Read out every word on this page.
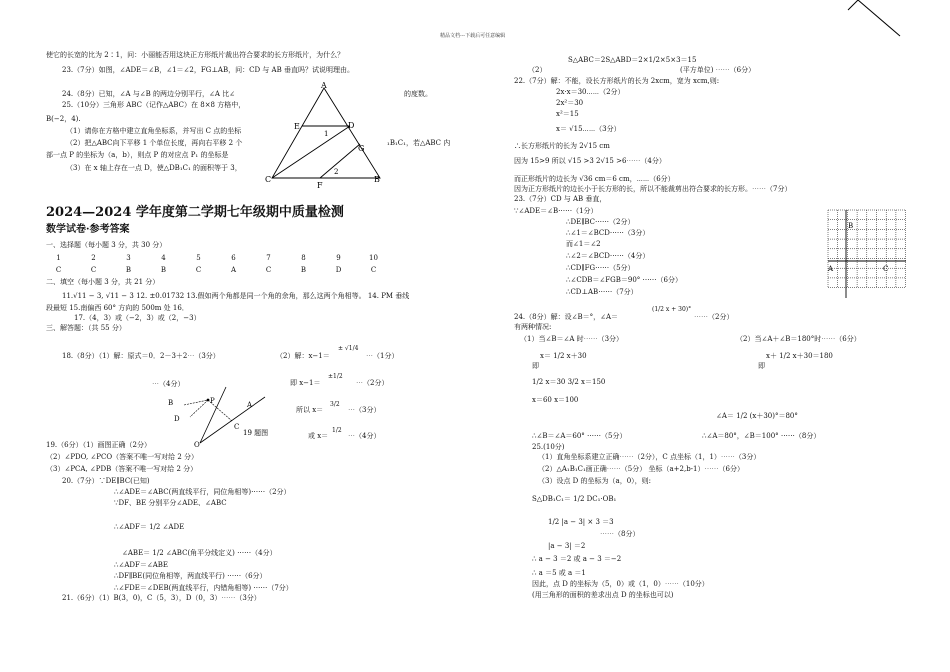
精品文档---下载后可任意编辑
使它的长宽的比为 2∶1，问：小丽能否用这块正方形纸片裁出符合要求的长方形纸片，为什么？
23.（7分）如图，∠ADE＝∠B，∠1＝∠2，FG⊥AB，问：CD 与 AB 垂直吗？试说明理由。
24.（8分）已知，∠A 与∠B 的两边分别平行，∠A 比∠	的度数。
25.（10分）三角形 ABC（记作△ABC）在 8×8 方格中，
B(−2，4).
（1）请你在方格中建立直角坐标系，并写出 C 点的坐标
（2）把△ABC向下平移 1 个单位长度，再向右平移 2 个	A₁B₁C₁，若△ABC 内
部一点 P 的坐标为（a，b），则点 P 的对应点 P₁ 的坐标是
（3）在 x 轴上存在一点 D，使△DB₁C₁ 的面积等于 3，
A
E	D
1
G
2
C
F
B
2024—2024 学年度第二学期七年级期中质量检测
数学试卷·参考答案
一、选择题（每小题 3 分，共 30 分）
1	2	3	4	5	6	7	8	9	10
C	C	B	B	C	A	C	B	D	C
二、填空（每小题 3 分，共 21 分）
11.√11 − 3, √11 − 3 12. ±0.01732 13.假如两个角都是同一个角的余角，那么这两个角相等。 14. PM 垂线
段最短 15.南偏西 60° 方向的 500m 处 16．
17.（4，3）或（−2，3）或（2，−3）
三、解答题：（共 55 分）
18.（8分）（1）解：原式＝0．2－3＋2⋯（3分）	（2）解：x−1＝
± √1/4
⋯（1分）
⋯（4分）	即 x−1＝
±1/2
⋯（2分）
所以 x＝
3/2
⋯（3分）
或 x＝
1/2
⋯（4分）
B	P	A
D
C
O
19 题图
19.（6分）（1）画图正确（2分）
（2）∠PDO, ∠PCO（答案不唯一写对给 2 分）
（3）∠PCA, ∠PDB（答案不唯一写对给 2 分）
20.（7分）∵DE∥BC(已知)
∴∠ADE＝∠ABC(两直线平行，同位角相等)⋯⋯（2分）
∵DF、BE 分别平分∠ADE、∠ABC
∴∠ADF＝ 1/2 ∠ADE
∠ABE＝ 1/2 ∠ABC(角平分线定义) ⋯⋯（4分）
∴∠ADF＝∠ABE
∴DF∥BE(同位角相等，两直线平行) ⋯⋯（6分）
∴∠FDE＝∠DEB(两直线平行，内错角相等) ⋯⋯（7分）
21.（6分）（1）B(3，0)，C（5，3），D（0，3）⋯⋯（3分）
S△ABC＝2S△ABD＝2×1/2×5×3＝15
（2）	(平方单位) ⋯⋯（6分）
22.（7分）解：不能，设长方形纸片的长为 2xcm，宽为 xcm,则:
2x·x＝30⋯⋯（2分）
2x²＝30
x²＝15
x＝ √15⋯⋯（3分）
∴长方形纸片的长为 2√15 cm
因为 15>9 所以 √15 >3 2√15 >6⋯⋯（4分）
而正形纸片的边长为 √36 cm＝6 cm，⋯⋯（6分）
因为正方形纸片的边长小于长方形的长，所以不能裁剪出符合要求的长方形。⋯⋯（7分）
23.（7分）CD 与 AB 垂直，
∵∠ADE＝∠B⋯⋯（1分）
∴DE∥BC⋯⋯（2分）
∴∠1＝∠BCD⋯⋯（3分）
而∠1＝∠2
∴∠2＝∠BCD⋯⋯（4分）
∴CD∥FG⋯⋯（5分）
∴∠CDB＝∠FGB＝90° ⋯⋯（6分）
∴CD⊥AB⋯⋯（7分）
B
A	C
24.（8分）解：设∠B＝°，∠A＝
(1/2 x + 30)°
⋯⋯（2分）
有两种情况:
（1）当∠B＝∠A 时⋯⋯（3分）	（2）当∠A＋∠B＝180°时⋯⋯（6分）
x＝ 1/2 x＋30	x＋ 1/2 x＋30＝180
即	即
1/2 x＝30 3/2 x＝150
x＝60 x＝100
∠A＝ 1/2 (x＋30)°＝80°
∴∠B＝∠A＝60° ⋯⋯（5分）	∴∠A＝80°，∠B＝100° ⋯⋯（8分）
25.(10分)
（1）直角坐标系建立正确⋯⋯（2分），C 点坐标（1，1）⋯⋯（3分）
（2）△A₁B₁C₁画正确⋯⋯（5分） 坐标（a+2,b-1）⋯⋯（6分）
（3）设点 D 的坐标为（a，0），则:
S△DB₁C₁＝ 1/2 DC₁·OB₁
1/2 |a − 3| × 3 ＝3
⋯⋯（8分）
|a − 3| ＝2
∴ a − 3 ＝2 或 a − 3 ＝−2
∴ a ＝5 或 a ＝1
因此，点 D 的坐标为（5，0）或（1，0）⋯⋯（10分）
(用三角形的面积的差求出点 D 的坐标也可以)
